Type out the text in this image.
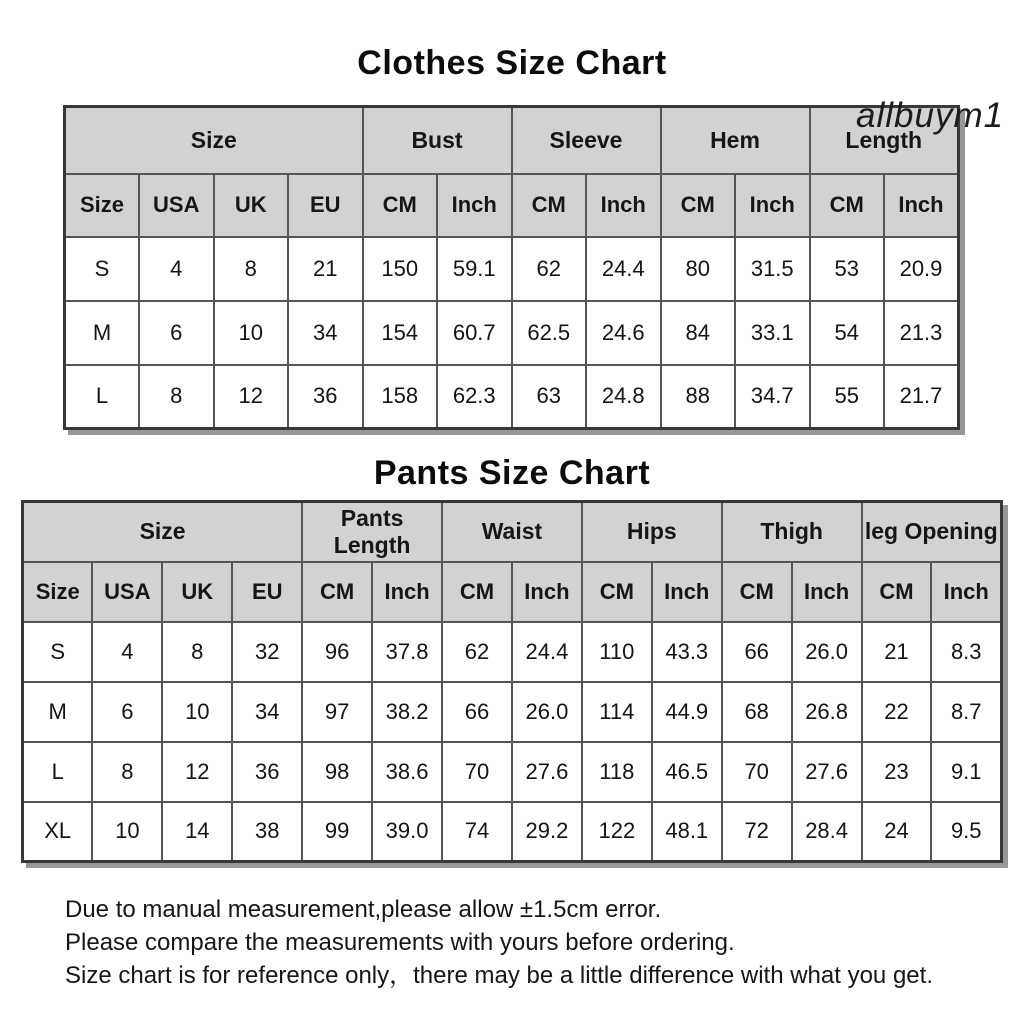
Clothes Size Chart
Size				Bust		Sleeve		Hem		Length	
Size	USA	UK	EU	CM	Inch	CM	Inch	CM	Inch	CM	Inch
S	4	8	21	150	59.1	62	24.4	80	31.5	53	20.9
M	6	10	34	154	60.7	62.5	24.6	84	33.1	54	21.3
L	8	12	36	158	62.3	63	24.8	88	34.7	55	21.7
allbuym1
Pants Size Chart
Size				Pants Length		Waist		Hips		Thigh		leg Opening	
Size	USA	UK	EU	CM	Inch	CM	Inch	CM	Inch	CM	Inch	CM	Inch
S	4	8	32	96	37.8	62	24.4	110	43.3	66	26.0	21	8.3
M	6	10	34	97	38.2	66	26.0	114	44.9	68	26.8	22	8.7
L	8	12	36	98	38.6	70	27.6	118	46.5	70	27.6	23	9.1
XL	10	14	38	99	39.0	74	29.2	122	48.1	72	28.4	24	9.5
Due to manual measurement,please allow ±1.5cm error.
Please compare the measurements with yours before ordering.
Size chart is for reference only，there may be a little difference with what you get.
